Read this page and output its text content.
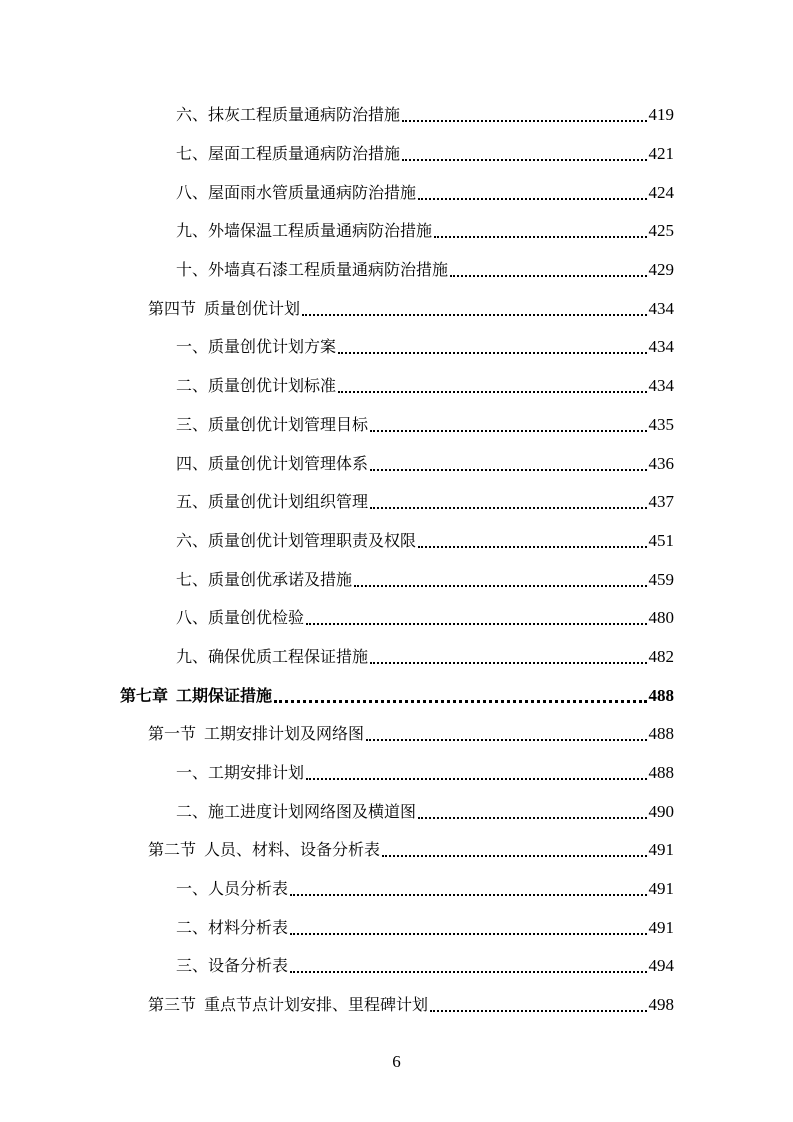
六、抹灰工程质量通病防治措施	419
七、屋面工程质量通病防治措施	421
八、屋面雨水管质量通病防治措施	424
九、外墙保温工程质量通病防治措施	425
十、外墙真石漆工程质量通病防治措施	429
第四节 质量创优计划	434
一、质量创优计划方案	434
二、质量创优计划标准	434
三、质量创优计划管理目标	435
四、质量创优计划管理体系	436
五、质量创优计划组织管理	437
六、质量创优计划管理职责及权限	451
七、质量创优承诺及措施	459
八、质量创优检验	480
九、确保优质工程保证措施	482
第七章 工期保证措施	488
第一节 工期安排计划及网络图	488
一、工期安排计划	488
二、施工进度计划网络图及横道图	490
第二节 人员、材料、设备分析表	491
一、人员分析表	491
二、材料分析表	491
三、设备分析表	494
第三节 重点节点计划安排、里程碑计划	498
6
